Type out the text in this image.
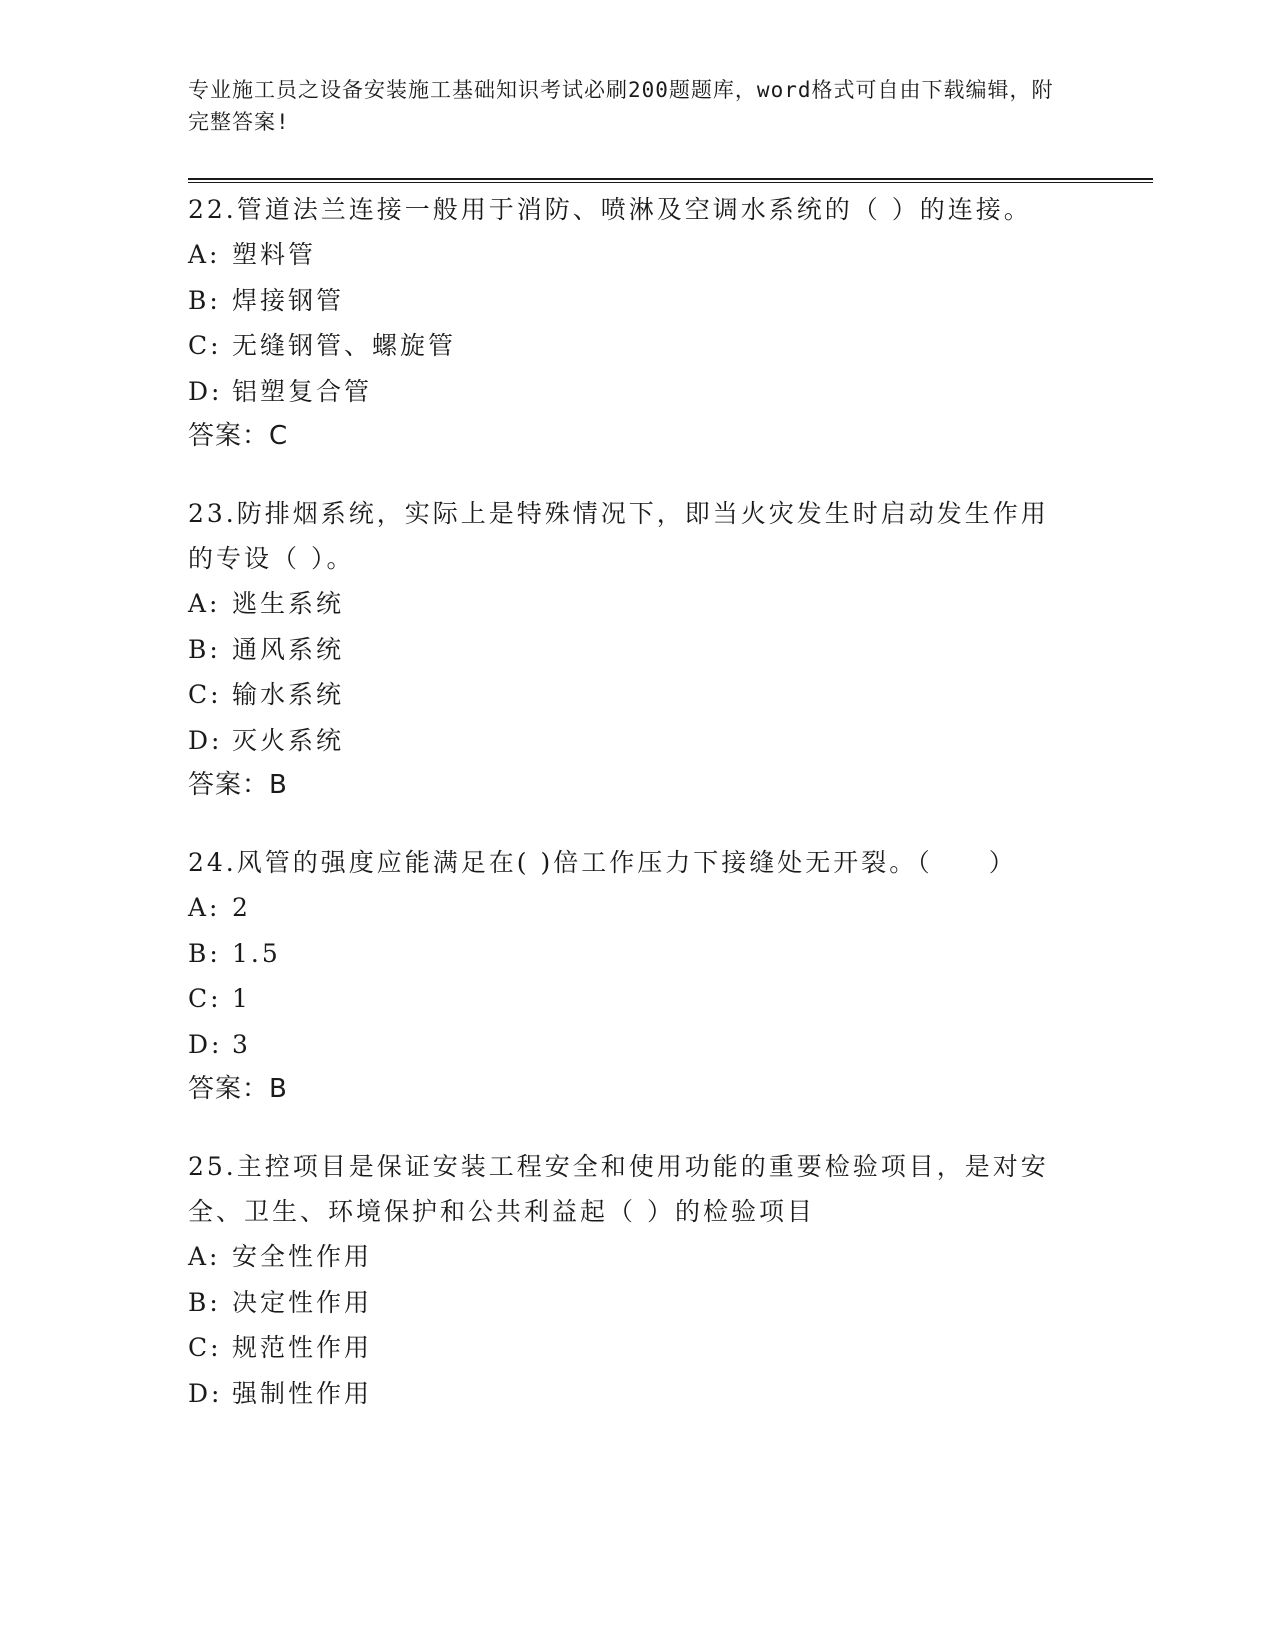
专业施工员之设备安装施工基础知识考试必刷200题题库，word格式可自由下载编辑，附完整答案!
22.管道法兰连接一般用于消防、喷淋及空调水系统的（ ）的连接。
A: 塑料管
B: 焊接钢管
C: 无缝钢管、螺旋管
D: 铝塑复合管
答案：C
23.防排烟系统，实际上是特殊情况下，即当火灾发生时启动发生作用的专设（ ）。
A: 逃生系统
B: 通风系统
C: 输水系统
D: 灭火系统
答案：B
24.风管的强度应能满足在( )倍工作压力下接缝处无开裂。（　　）
A: 2
B: 1.5
C: 1
D: 3
答案：B
25.主控项目是保证安装工程安全和使用功能的重要检验项目，是对安全、卫生、环境保护和公共利益起（ ）的检验项目
A: 安全性作用
B: 决定性作用
C: 规范性作用
D: 强制性作用
